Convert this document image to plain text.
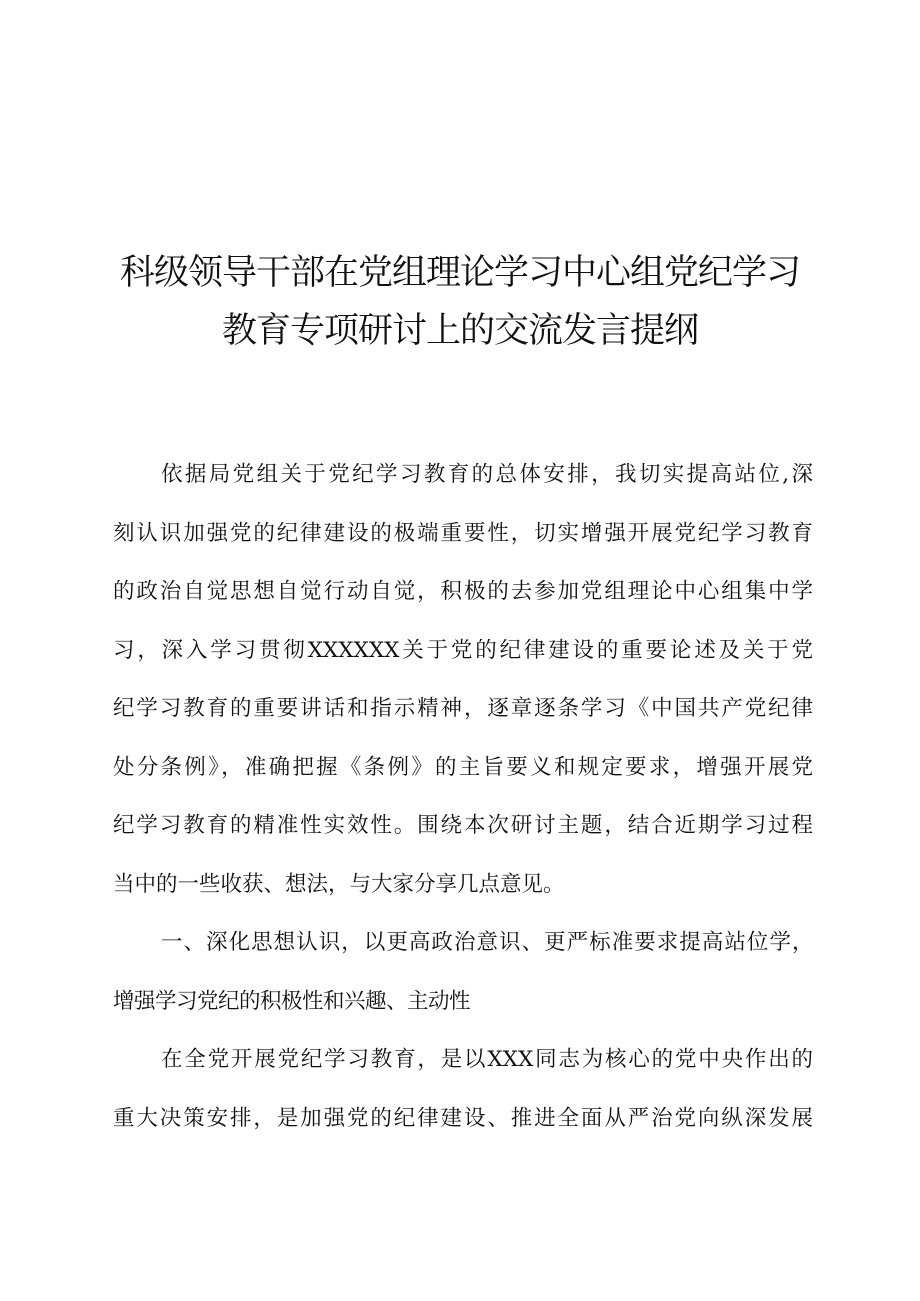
科级领导干部在党组理论学习中心组党纪学习
教育专项研讨上的交流发言提纲
依据局党组关于党纪学习教育的总体安排，我切实提高站位,深
刻认识加强党的纪律建设的极端重要性，切实增强开展党纪学习教育
的政治自觉思想自觉行动自觉，积极的去参加党组理论中心组集中学
习，深入学习贯彻XXXXXX关于党的纪律建设的重要论述及关于党
纪学习教育的重要讲话和指示精神，逐章逐条学习《中国共产党纪律
处分条例》，准确把握《条例》的主旨要义和规定要求，增强开展党
纪学习教育的精准性实效性。围绕本次研讨主题，结合近期学习过程
当中的一些收获、想法，与大家分享几点意见。
一、深化思想认识，以更高政治意识、更严标准要求提高站位学，
增强学习党纪的积极性和兴趣、主动性
在全党开展党纪学习教育，是以XXX同志为核心的党中央作出的
重大决策安排，是加强党的纪律建设、推进全面从严治党向纵深发展
